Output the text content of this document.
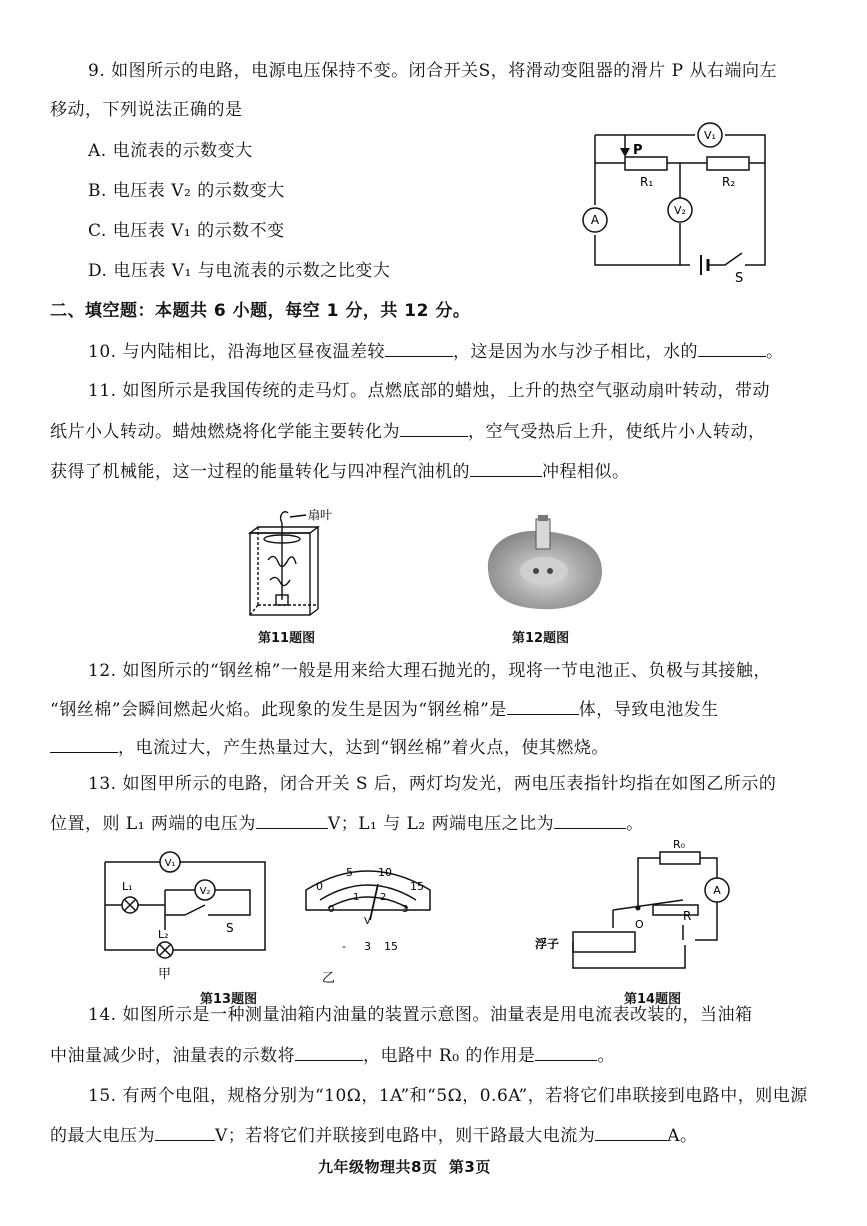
9. 如图所示的电路，电源电压保持不变。闭合开关S，将滑动变阻器的滑片 P 从右端向左
移动，下列说法正确的是
A. 电流表的示数变大
B. 电压表 V₂ 的示数变大
C. 电压表 V₁ 的示数不变
D. 电压表 V₁ 与电流表的示数之比变大
P
R₁	R₂
V₁
A
V₂
S
二、填空题：本题共 6 小题，每空 1 分，共 12 分。
10. 与内陆相比，沿海地区昼夜温差较	，这是因为水与沙子相比，水的	。
11. 如图所示是我国传统的走马灯。点燃底部的蜡烛，上升的热空气驱动扇叶转动，带动
纸片小人转动。蜡烛燃烧将化学能主要转化为	，空气受热后上升，使纸片小人转动，
获得了机械能，这一过程的能量转化与四冲程汽油机的	冲程相似。
扇叶
第11题图	第12题图
12. 如图所示的“钢丝棉”一般是用来给大理石抛光的，现将一节电池正、负极与其接触，
“钢丝棉”会瞬间燃起火焰。此现象的发生是因为“钢丝棉”是	体，导致电池发生
，电流过大，产生热量过大，达到“钢丝棉”着火点，使其燃烧。
13. 如图甲所示的电路，闭合开关 S 后，两灯均发光，两电压表指针均指在如图乙所示的
位置，则 L₁ 两端的电压为	V；L₁ 与 L₂ 两端电压之比为	。
V₁
V₂
L₁
L₂	S
甲
0
5 10
15
0
1 2
3
V
- 3 15
乙
第13题图
R₀
A
O
R
浮子
第14题图
14. 如图所示是一种测量油箱内油量的装置示意图。油量表是用电流表改装的，当油箱
中油量减少时，油量表的示数将	，电路中 R₀ 的作用是	。
15. 有两个电阻，规格分别为“10Ω，1A”和“5Ω，0.6A”，若将它们串联接到电路中，则电源
的最大电压为	V；若将它们并联接到电路中，则干路最大电流为	A。
九年级物理共8页 第3页
